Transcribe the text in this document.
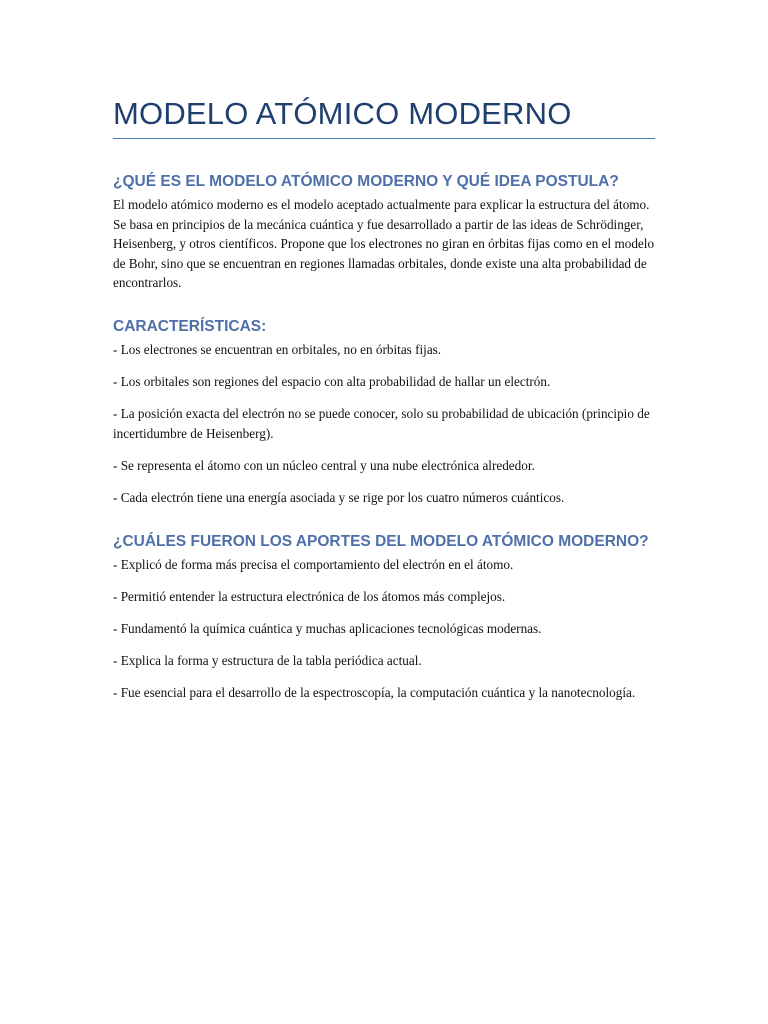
MODELO ATÓMICO MODERNO
¿QUÉ ES EL MODELO ATÓMICO MODERNO Y QUÉ IDEA POSTULA?

El modelo atómico moderno es el modelo aceptado actualmente para explicar la estructura del átomo. Se basa en principios de la mecánica cuántica y fue desarrollado a partir de las ideas de Schrödinger, Heisenberg, y otros científicos. Propone que los electrones no giran en órbitas fijas como en el modelo de Bohr, sino que se encuentran en regiones llamadas orbitales, donde existe una alta probabilidad de encontrarlos.

CARACTERÍSTICAS:

- Los electrones se encuentran en orbitales, no en órbitas fijas.

- Los orbitales son regiones del espacio con alta probabilidad de hallar un electrón.

- La posición exacta del electrón no se puede conocer, solo su probabilidad de ubicación (principio de incertidumbre de Heisenberg).

- Se representa el átomo con un núcleo central y una nube electrónica alrededor.

- Cada electrón tiene una energía asociada y se rige por los cuatro números cuánticos.

¿CUÁLES FUERON LOS APORTES DEL MODELO ATÓMICO MODERNO?

- Explicó de forma más precisa el comportamiento del electrón en el átomo.

- Permitió entender la estructura electrónica de los átomos más complejos.

- Fundamentó la química cuántica y muchas aplicaciones tecnológicas modernas.

- Explica la forma y estructura de la tabla periódica actual.

- Fue esencial para el desarrollo de la espectroscopía, la computación cuántica y la nanotecnología.
